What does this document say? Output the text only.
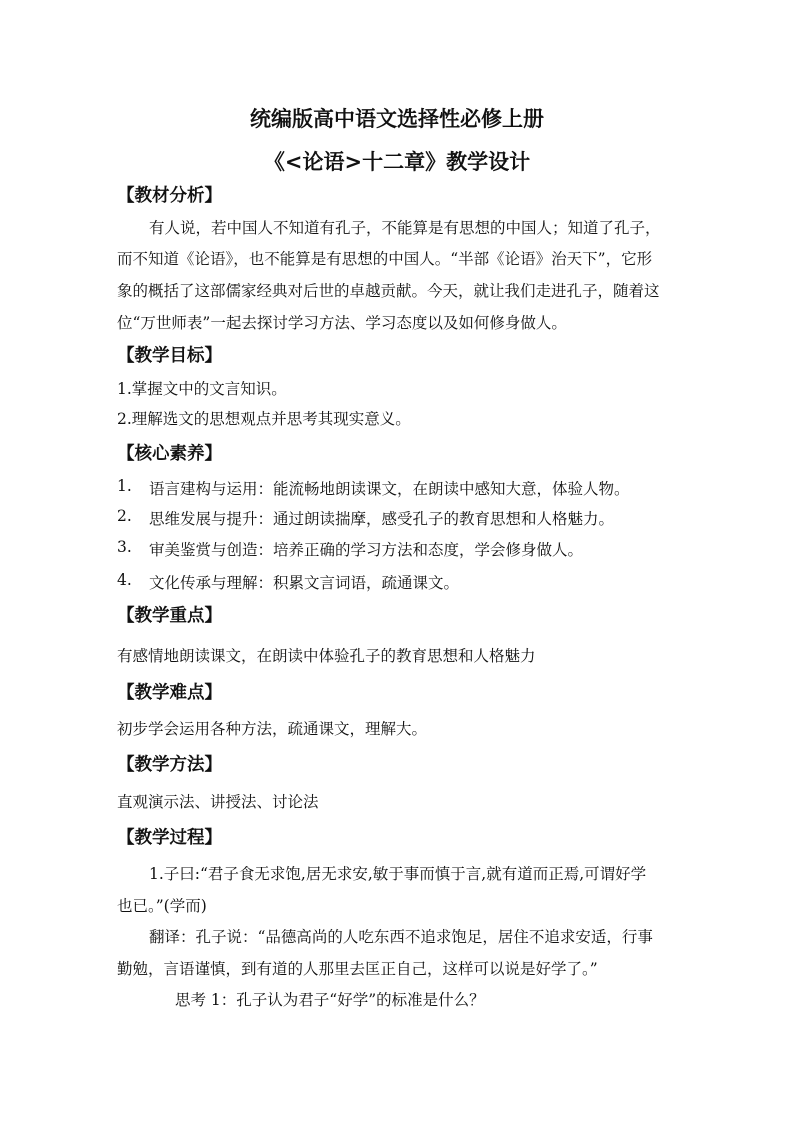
统编版高中语文选择性必修上册
《<论语>十二章》教学设计
【教材分析】
有人说，若中国人不知道有孔子，不能算是有思想的中国人；知道了孔子，
而不知道《论语》，也不能算是有思想的中国人。“半部《论语》治天下”，它形
象的概括了这部儒家经典对后世的卓越贡献。今天，就让我们走进孔子，随着这
位“万世师表”一起去探讨学习方法、学习态度以及如何修身做人。
【教学目标】
1.掌握文中的文言知识。
2.理解选文的思想观点并思考其现实意义。
【核心素养】
1. 语言建构与运用：能流畅地朗读课文，在朗读中感知大意，体验人物。
2. 思维发展与提升：通过朗读揣摩，感受孔子的教育思想和人格魅力。
3. 审美鉴赏与创造：培养正确的学习方法和态度，学会修身做人。
4. 文化传承与理解：积累文言词语，疏通课文。
【教学重点】
有感情地朗读课文，在朗读中体验孔子的教育思想和人格魅力
【教学难点】
初步学会运用各种方法，疏通课文，理解大。
【教学方法】
直观演示法、讲授法、讨论法
【教学过程】
1.子曰:“君子食无求饱,居无求安,敏于事而慎于言,就有道而正焉,可谓好学
也已。”(学而)
翻译：孔子说：“品德高尚的人吃东西不追求饱足，居住不追求安适，行事
勤勉，言语谨慎，到有道的人那里去匡正自己，这样可以说是好学了。”
思考 1：孔子认为君子“好学”的标准是什么？
